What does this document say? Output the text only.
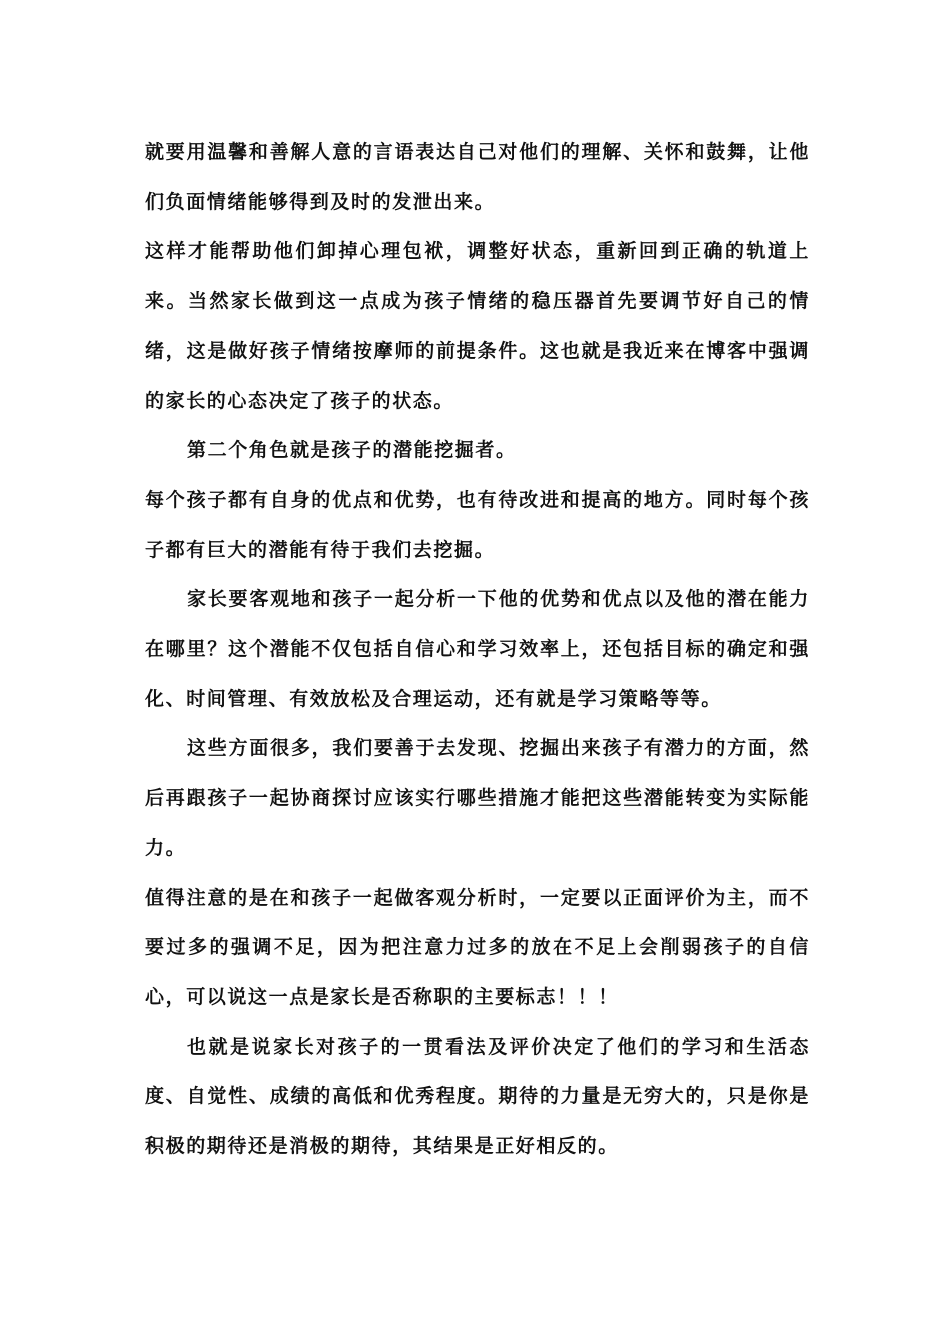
就要用温馨和善解人意的言语表达自己对他们的理解、关怀和鼓舞，让他们负面情绪能够得到及时的发泄出来。

这样才能帮助他们卸掉心理包袱，调整好状态，重新回到正确的轨道上来。当然家长做到这一点成为孩子情绪的稳压器首先要调节好自己的情绪，这是做好孩子情绪按摩师的前提条件。这也就是我近来在博客中强调的家长的心态决定了孩子的状态。

第二个角色就是孩子的潜能挖掘者。

每个孩子都有自身的优点和优势，也有待改进和提高的地方。同时每个孩子都有巨大的潜能有待于我们去挖掘。

家长要客观地和孩子一起分析一下他的优势和优点以及他的潜在能力在哪里？这个潜能不仅包括自信心和学习效率上，还包括目标的确定和强化、时间管理、有效放松及合理运动，还有就是学习策略等等。

这些方面很多，我们要善于去发现、挖掘出来孩子有潜力的方面，然后再跟孩子一起协商探讨应该实行哪些措施才能把这些潜能转变为实际能力。

值得注意的是在和孩子一起做客观分析时，一定要以正面评价为主，而不要过多的强调不足，因为把注意力过多的放在不足上会削弱孩子的自信心，可以说这一点是家长是否称职的主要标志！！！

也就是说家长对孩子的一贯看法及评价决定了他们的学习和生活态度、自觉性、成绩的高低和优秀程度。期待的力量是无穷大的，只是你是积极的期待还是消极的期待，其结果是正好相反的。
